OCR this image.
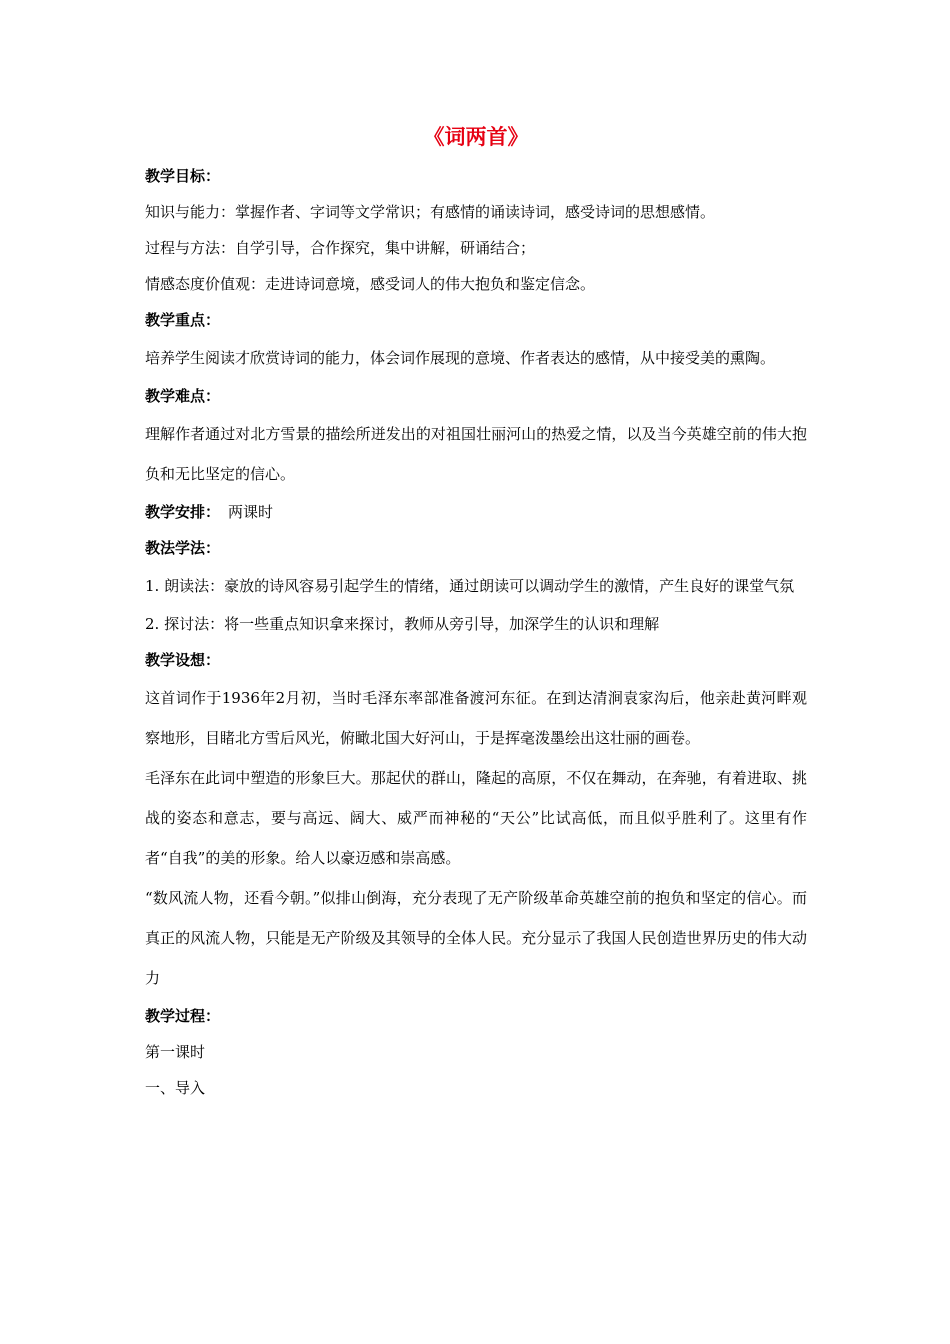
《词两首》
教学目标：
知识与能力：掌握作者、字词等文学常识；有感情的诵读诗词，感受诗词的思想感情。
过程与方法：自学引导，合作探究，集中讲解，研诵结合；
情感态度价值观：走进诗词意境，感受词人的伟大抱负和鉴定信念。
教学重点：
培养学生阅读才欣赏诗词的能力，体会词作展现的意境、作者表达的感情，从中接受美的熏陶。
教学难点：
理解作者通过对北方雪景的描绘所迸发出的对祖国壮丽河山的热爱之情，以及当今英雄空前的伟大抱负和无比坚定的信心。
教学安排： 两课时
教法学法：
1. 朗读法：豪放的诗风容易引起学生的情绪，通过朗读可以调动学生的激情，产生良好的课堂气氛
2. 探讨法：将一些重点知识拿来探讨，教师从旁引导，加深学生的认识和理解
教学设想：
这首词作于1936年2月初，当时毛泽东率部准备渡河东征。在到达清涧袁家沟后，他亲赴黄河畔观察地形，目睹北方雪后风光，俯瞰北国大好河山，于是挥毫泼墨绘出这壮丽的画卷。
毛泽东在此词中塑造的形象巨大。那起伏的群山，隆起的高原，不仅在舞动，在奔驰，有着进取、挑战的姿态和意志，要与高远、阔大、威严而神秘的“天公”比试高低，而且似乎胜利了。这里有作者“自我”的美的形象。给人以豪迈感和崇高感。
“数风流人物，还看今朝。”似排山倒海，充分表现了无产阶级革命英雄空前的抱负和坚定的信心。而真正的风流人物，只能是无产阶级及其领导的全体人民。充分显示了我国人民创造世界历史的伟大动力
教学过程：
第一课时
一、导入
